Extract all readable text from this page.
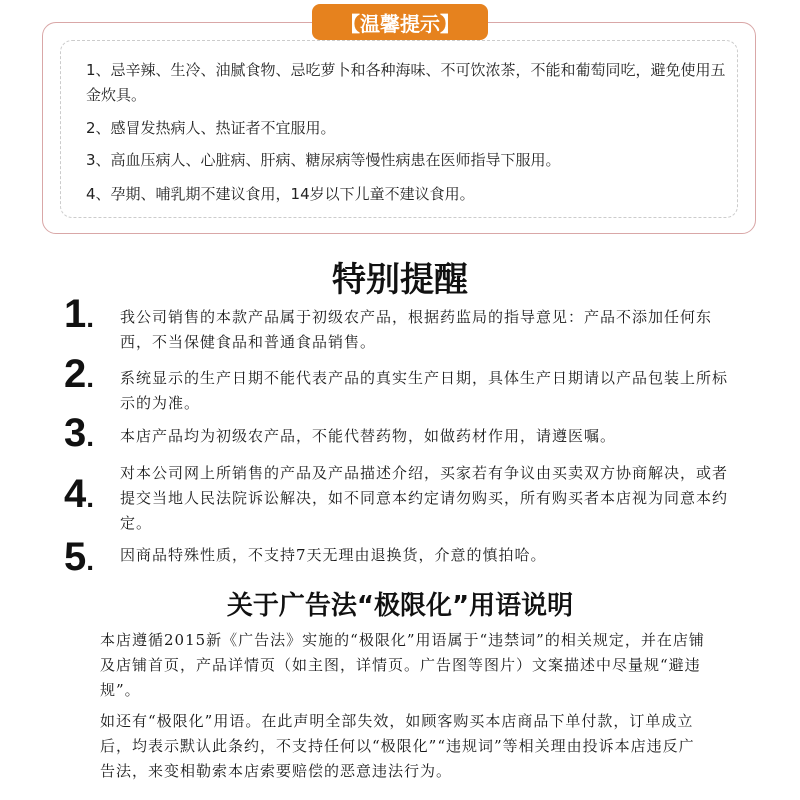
【温馨提示】
1、忌辛辣、生冷、油腻食物、忌吃萝卜和各种海味、不可饮浓茶，不能和葡萄同吃，避免使用五金炊具。
2、感冒发热病人、热证者不宜服用。
3、高血压病人、心脏病、肝病、糖尿病等慢性病患在医师指导下服用。
4、孕期、哺乳期不建议食用，14岁以下儿童不建议食用。
特别提醒
1. 我公司销售的本款产品属于初级农产品，根据药监局的指导意见：产品不添加任何东西，不当保健食品和普通食品销售。
2. 系统显示的生产日期不能代表产品的真实生产日期，具体生产日期请以产品包装上所标示的为准。
3. 本店产品均为初级农产品，不能代替药物，如做药材作用，请遵医嘱。
4.
对本公司网上所销售的产品及产品描述介绍，买家若有争议由买卖双方协商解决，或者提交当地人民法院诉讼解决，如不同意本约定请勿购买，所有购买者本店视为同意本约定。
5. 因商品特殊性质，不支持7天无理由退换货，介意的慎拍哈。
关于广告法“极限化”用语说明
本店遵循2015新《广告法》实施的“极限化”用语属于“违禁词”的相关规定，并在店铺及店铺首页，产品详情页（如主图，详情页。广告图等图片）文案描述中尽量规“避违规”。
如还有“极限化”用语。在此声明全部失效，如顾客购买本店商品下单付款，订单成立后，均表示默认此条约，不支持任何以“极限化”“违规词”等相关理由投诉本店违反广告法，来变相勒索本店索要赔偿的恶意违法行为。
